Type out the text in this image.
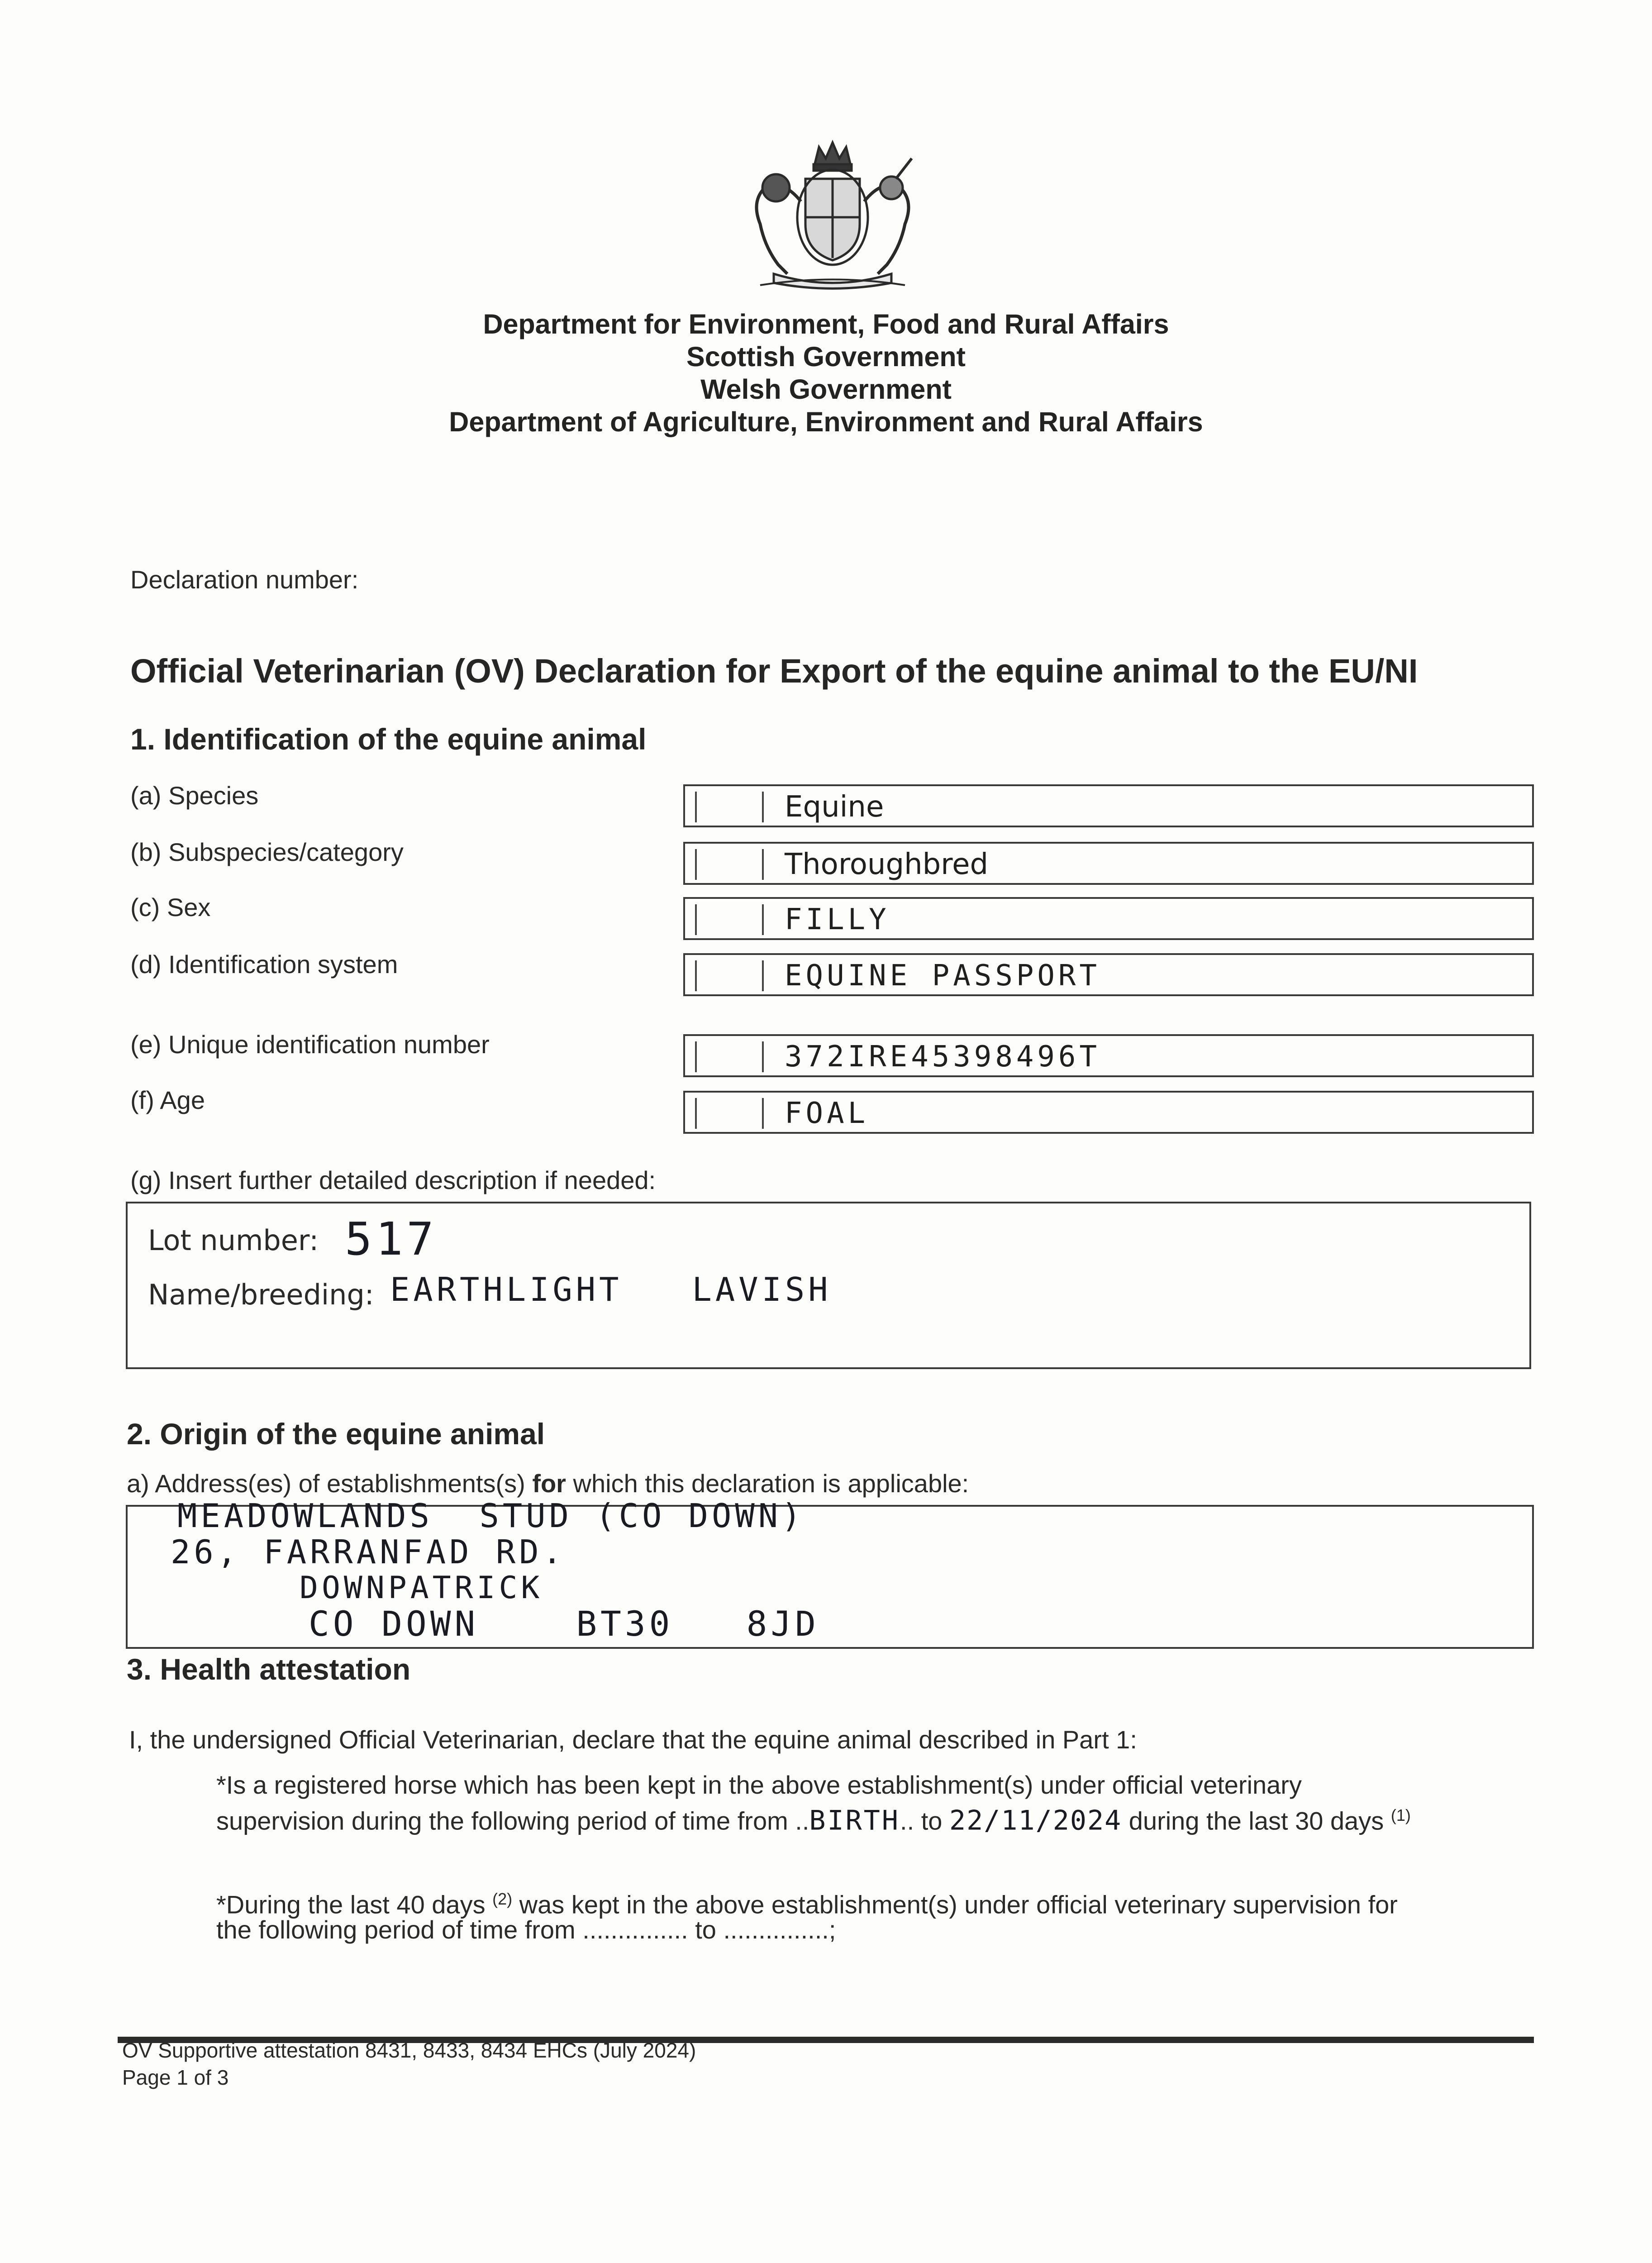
Department for Environment, Food and Rural Affairs
Scottish Government
Welsh Government
Department of Agriculture, Environment and Rural Affairs
Declaration number:
Official Veterinarian (OV) Declaration for Export of the equine animal to the EU/NI
1. Identification of the equine animal
(a) Species	Equine
(b) Subspecies/category	Thoroughbred
(c) Sex	FILLY
(d) Identification system	EQUINE PASSPORT
(e) Unique identification number	372IRE45398496T
(f) Age	FOAL
(g) Insert further detailed description if needed:
Lot number: 517
Name/breeding: EARTHLIGHT   LAVISH
2. Origin of the equine animal
a) Address(es) of establishments(s) for which this declaration is applicable:
MEADOWLANDS  STUD (CO DOWN)
26, FARRANFAD RD.
DOWNPATRICK
CO DOWN    BT30   8JD
3. Health attestation
I, the undersigned Official Veterinarian, declare that the equine animal described in Part 1:
*Is a registered horse which has been kept in the above establishment(s) under official veterinary
supervision during the following period of time from ..BIRTH.. to 22/11/2024 during the last 30 days $^{(1)}$
*During the last 40 days $^{(2)}$ was kept in the above establishment(s) under official veterinary supervision for
the following period of time from ............... to ...............;
OV Supportive attestation 8431, 8433, 8434 EHCs (July 2024)
Page 1 of 3
